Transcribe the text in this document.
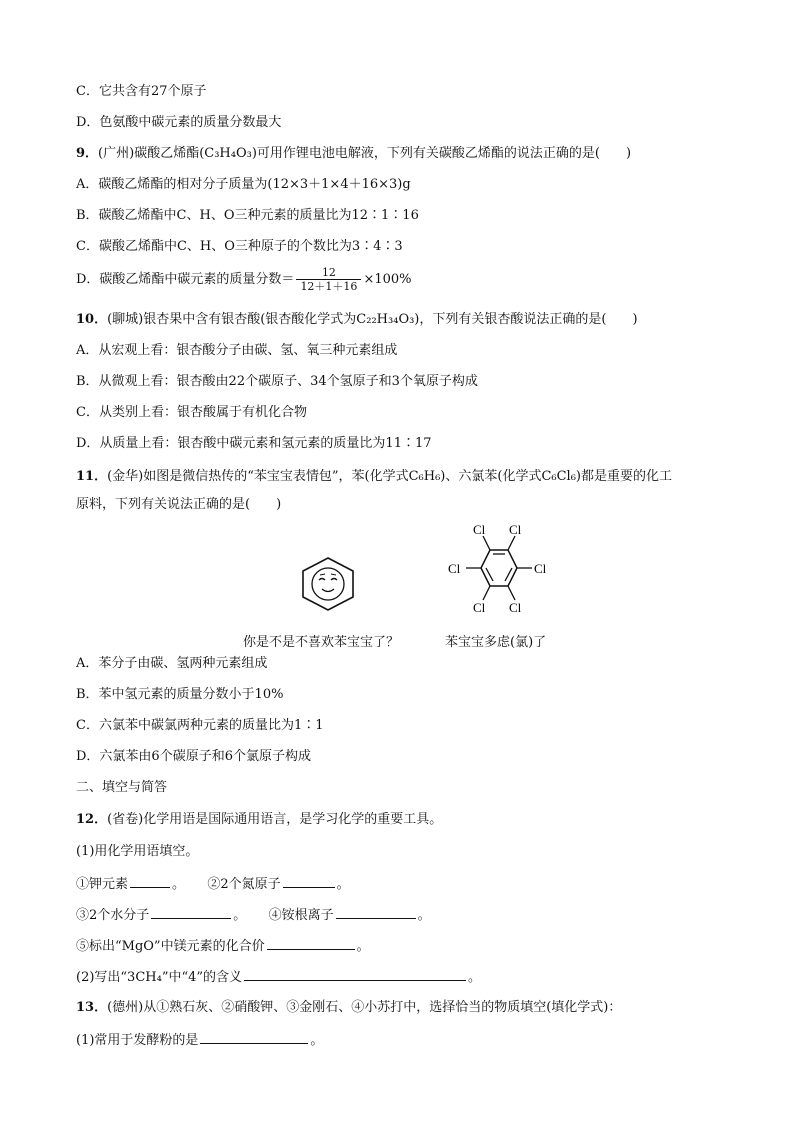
C．它共含有27个原子
D．色氨酸中碳元素的质量分数最大
9．(广州)碳酸乙烯酯(C₃H₄O₃)可用作锂电池电解液，下列有关碳酸乙烯酯的说法正确的是(　　)
A．碳酸乙烯酯的相对分子质量为(12×3＋1×4＋16×3)g
B．碳酸乙烯酯中C、H、O三种元素的质量比为12∶1∶16
C．碳酸乙烯酯中C、H、O三种原子的个数比为3∶4∶3
D．碳酸乙烯酯中碳元素的质量分数＝ $\frac{12}{12+1+16} \times 100\%$
10．(聊城)银杏果中含有银杏酸(银杏酸化学式为C₂₂H₃₄O₃)，下列有关银杏酸说法正确的是(　　)
A．从宏观上看：银杏酸分子由碳、氢、氧三种元素组成
B．从微观上看：银杏酸由22个碳原子、34个氢原子和3个氧原子构成
C．从类别上看：银杏酸属于有机化合物
D．从质量上看：银杏酸中碳元素和氢元素的质量比为11∶17
11．(金华)如图是微信热传的“苯宝宝表情包”，苯(化学式C₆H₆)、六氯苯(化学式C₆Cl₆)都是重要的化工
原料，下列有关说法正确的是(　　)
Cl Cl
Cl
Cl
Cl Cl
你是不是不喜欢苯宝宝了？	苯宝宝多虑(氯)了
A．苯分子由碳、氢两种元素组成
B．苯中氢元素的质量分数小于10%
C．六氯苯中碳氯两种元素的质量比为1∶1
D．六氯苯由6个碳原子和6个氯原子构成
二、填空与简答
12．(省卷)化学用语是国际通用语言，是学习化学的重要工具。
(1)用化学用语填空。
①钾元素	。 ②2个氮原子	。
③2个水分子	。 ④铵根离子	。
⑤标出“MgO”中镁元素的化合价	。
(2)写出“3CH₄”中“4”的含义	。
13．(德州)从①熟石灰、②硝酸钾、③金刚石、④小苏打中，选择恰当的物质填空(填化学式)：
(1)常用于发酵粉的是	。
